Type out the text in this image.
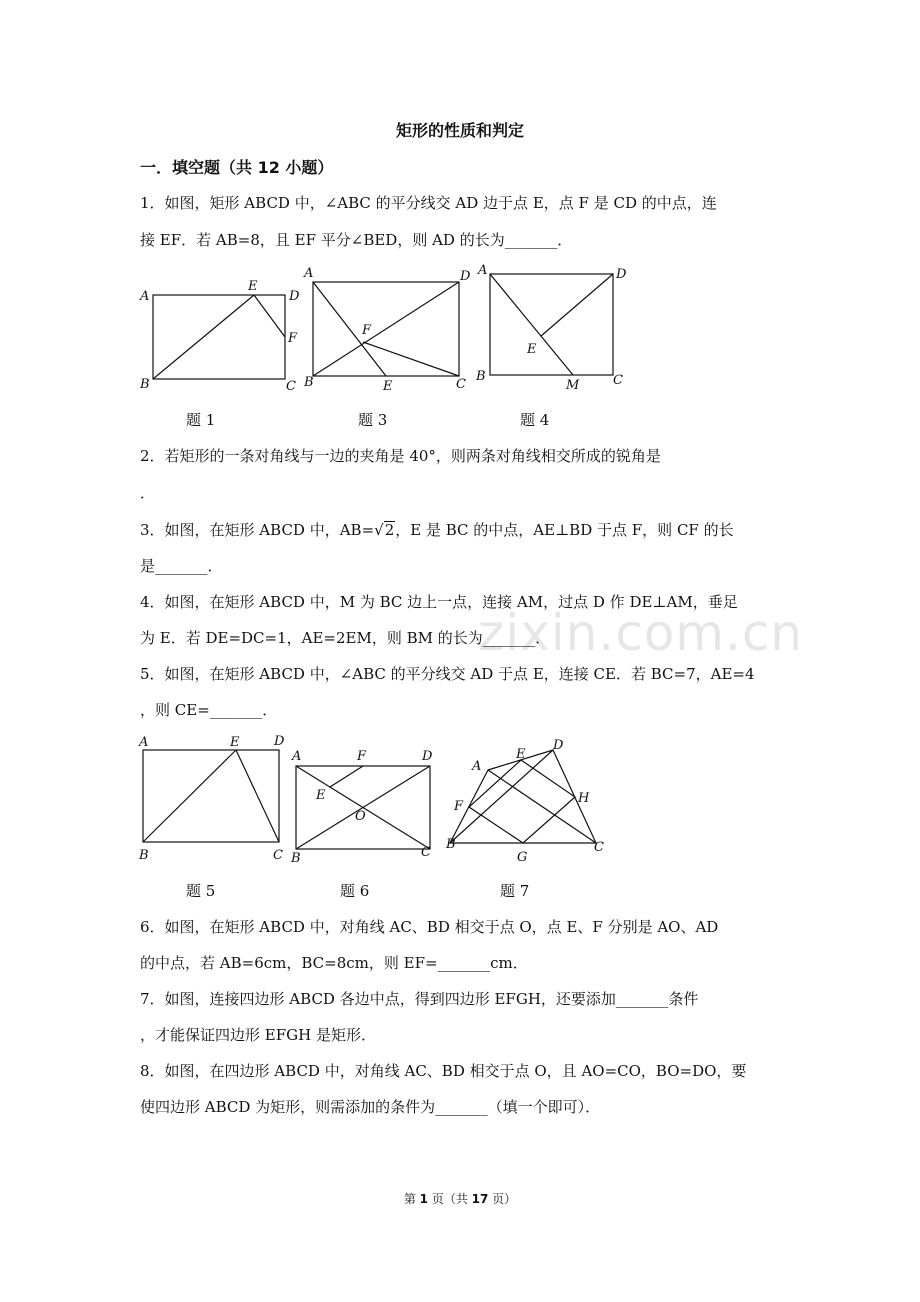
矩形的性质和判定
一．填空题（共 12 小题）
1．如图，矩形 ABCD 中，∠ABC 的平分线交 AD 边于点 E，点 F 是 CD 的中点，连
接 EF．若 AB=8，且 EF 平分∠BED，则 AD 的长为_______．
A
E
D
F
B	C
A	D
F
B	E	C
A	D
E
B
M	C
题 1	题 3	题 4
2．若矩形的一条对角线与一边的夹角是 40°，则两条对角线相交所成的锐角是
．
3．如图，在矩形 ABCD 中，AB=√2，E 是 BC 的中点，AE⊥BD 于点 F，则 CF 的长
是_______．
zixin.com.cn
4．如图，在矩形 ABCD 中，M 为 BC 边上一点，连接 AM，过点 D 作 DE⊥AM，垂足
为 E．若 DE=DC=1，AE=2EM，则 BM 的长为_______．
5．如图，在矩形 ABCD 中，∠ABC 的平分线交 AD 于点 E，连接 CE．若 BC=7，AE=4
，则 CE=_______．
A	E	D
B	C
A	F	D
E
O
B	C
A
E
D
F
H
B
G
C
题 5	题 6	题 7
6．如图，在矩形 ABCD 中，对角线 AC、BD 相交于点 O，点 E、F 分别是 AO、AD
的中点，若 AB=6cm，BC=8cm，则 EF=_______cm．
7．如图，连接四边形 ABCD 各边中点，得到四边形 EFGH，还要添加_______条件
，才能保证四边形 EFGH 是矩形．
8．如图，在四边形 ABCD 中，对角线 AC、BD 相交于点 O，且 AO=CO，BO=DO，要
使四边形 ABCD 为矩形，则需添加的条件为_______（填一个即可）．
第 1 页（共 17 页）
